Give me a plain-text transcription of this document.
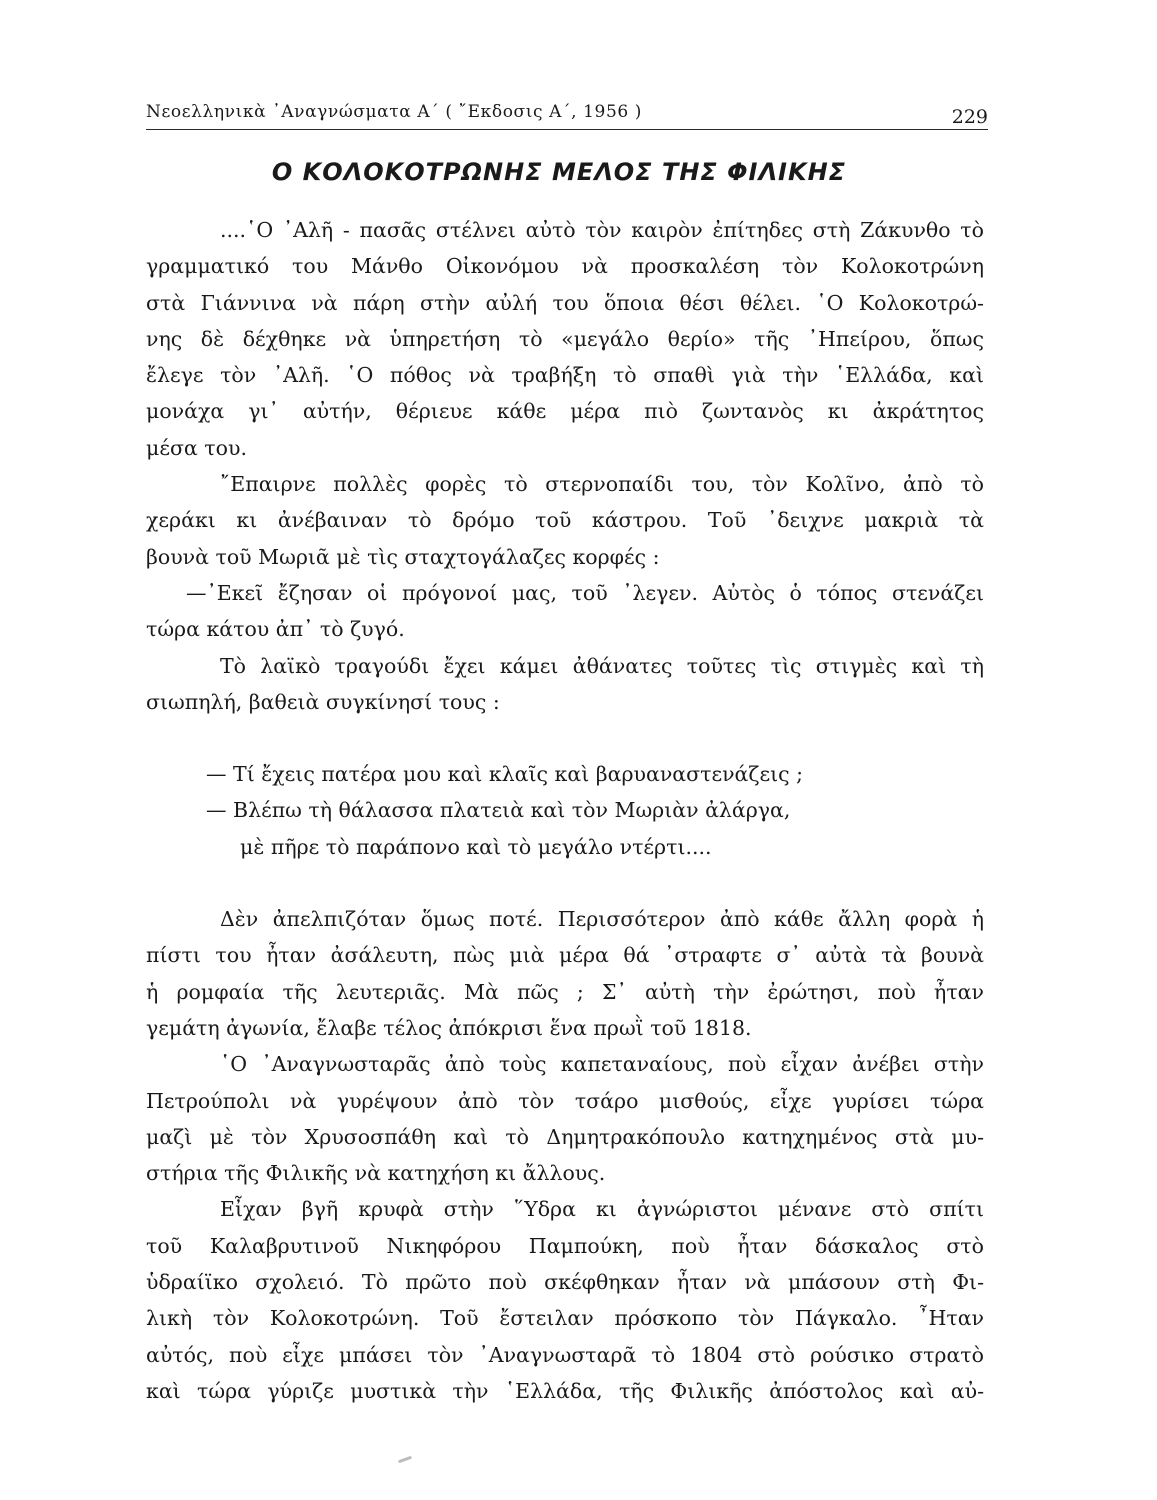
Νεοελληνικὰ ᾿Αναγνώσματα Α΄ ( ῎Εκδοσις Α΄, 1956 )	229
Ο ΚΟΛΟΚΟΤΡΩΝΗΣ ΜΕΛΟΣ ΤΗΣ ΦΙΛΙΚΗΣ
....῾Ο ᾿Αλῆ - πασᾶς στέλνει αὐτὸ τὸν καιρὸν ἐπίτηδες στὴ Ζάκυνθο τὸ
γραμματικό του Μάνθο Οἰκονόμου νὰ προσκαλέση τὸν Κολοκοτρώνη
στὰ Γιάννινα νὰ πάρη στὴν αὐλή του ὅποια θέσι θέλει. ῾Ο Κολοκοτρώ-
νης δὲ δέχθηκε νὰ ὑπηρετήση τὸ «μεγάλο θερίο» τῆς ᾿Ηπείρου, ὅπως
ἔλεγε τὸν ᾿Αλῆ. ῾Ο πόθος νὰ τραβήξη τὸ σπαθὶ γιὰ τὴν ῾Ελλάδα, καὶ
μονάχα γι᾿ αὐτήν, θέριευε κάθε μέρα πιὸ ζωντανὸς κι ἀκράτητος
μέσα του.
῎Επαιρνε πολλὲς φορὲς τὸ στερνοπαίδι του, τὸν Κολῖνο, ἀπὸ τὸ
χεράκι κι ἀνέβαιναν τὸ δρόμο τοῦ κάστρου. Τοῦ ᾿δειχνε μακριὰ τὰ
βουνὰ τοῦ Μωριᾶ μὲ τὶς σταχτογάλαζες κορφές :
—᾿Εκεῖ ἔζησαν οἱ πρόγονοί μας, τοῦ ᾿λεγεν. Αὐτὸς ὁ τόπος στενάζει
τώρα κάτου ἀπ᾿ τὸ ζυγό.
Τὸ λαϊκὸ τραγούδι ἔχει κάμει ἀθάνατες τοῦτες τὶς στιγμὲς καὶ τὴ
σιωπηλή, βαθειὰ συγκίνησί τους :
— Τί ἔχεις πατέρα μου καὶ κλαῖς καὶ βαρυαναστενάζεις ;
— Βλέπω τὴ θάλασσα πλατειὰ καὶ τὸν Μωριὰν ἀλάργα,
μὲ πῆρε τὸ παράπονο καὶ τὸ μεγάλο ντέρτι....
Δὲν ἀπελπιζόταν ὅμως ποτέ. Περισσότερον ἀπὸ κάθε ἄλλη φορὰ ἡ
πίστι του ἦταν ἀσάλευτη, πὼς μιὰ μέρα θά ᾿στραφτε σ᾿ αὐτὰ τὰ βουνὰ
ἡ ρομφαία τῆς λευτεριᾶς. Μὰ πῶς ; Σ᾿ αὐτὴ τὴν ἐρώτησι, ποὺ ἦταν
γεμάτη ἀγωνία, ἔλαβε τέλος ἀπόκρισι ἕνα πρωῒ τοῦ 1818.
῾Ο ᾿Αναγνωσταρᾶς ἀπὸ τοὺς καπεταναίους, ποὺ εἶχαν ἀνέβει στὴν
Πετρούπολι νὰ γυρέψουν ἀπὸ τὸν τσάρο μισθούς, εἶχε γυρίσει τώρα
μαζὶ μὲ τὸν Χρυσοσπάθη καὶ τὸ Δημητρακόπουλο κατηχημένος στὰ μυ-
στήρια τῆς Φιλικῆς νὰ κατηχήση κι ἄλλους.
Εἶχαν βγῆ κρυφὰ στὴν ῞Υδρα κι ἀγνώριστοι μένανε στὸ σπίτι
τοῦ Καλαβρυτινοῦ Νικηφόρου Παμπούκη, ποὺ ἦταν δάσκαλος στὸ
ὑδραίϊκο σχολειό. Τὸ πρῶτο ποὺ σκέφθηκαν ἦταν νὰ μπάσουν στὴ Φι-
λικὴ τὸν Κολοκοτρώνη. Τοῦ ἔστειλαν πρόσκοπο τὸν Πάγκαλο. ῏Ηταν
αὐτός, ποὺ εἶχε μπάσει τὸν ᾿Αναγνωσταρᾶ τὸ 1804 στὸ ρούσικο στρατὸ
καὶ τώρα γύριζε μυστικὰ τὴν ῾Ελλάδα, τῆς Φιλικῆς ἀπόστολος καὶ αὐ-
